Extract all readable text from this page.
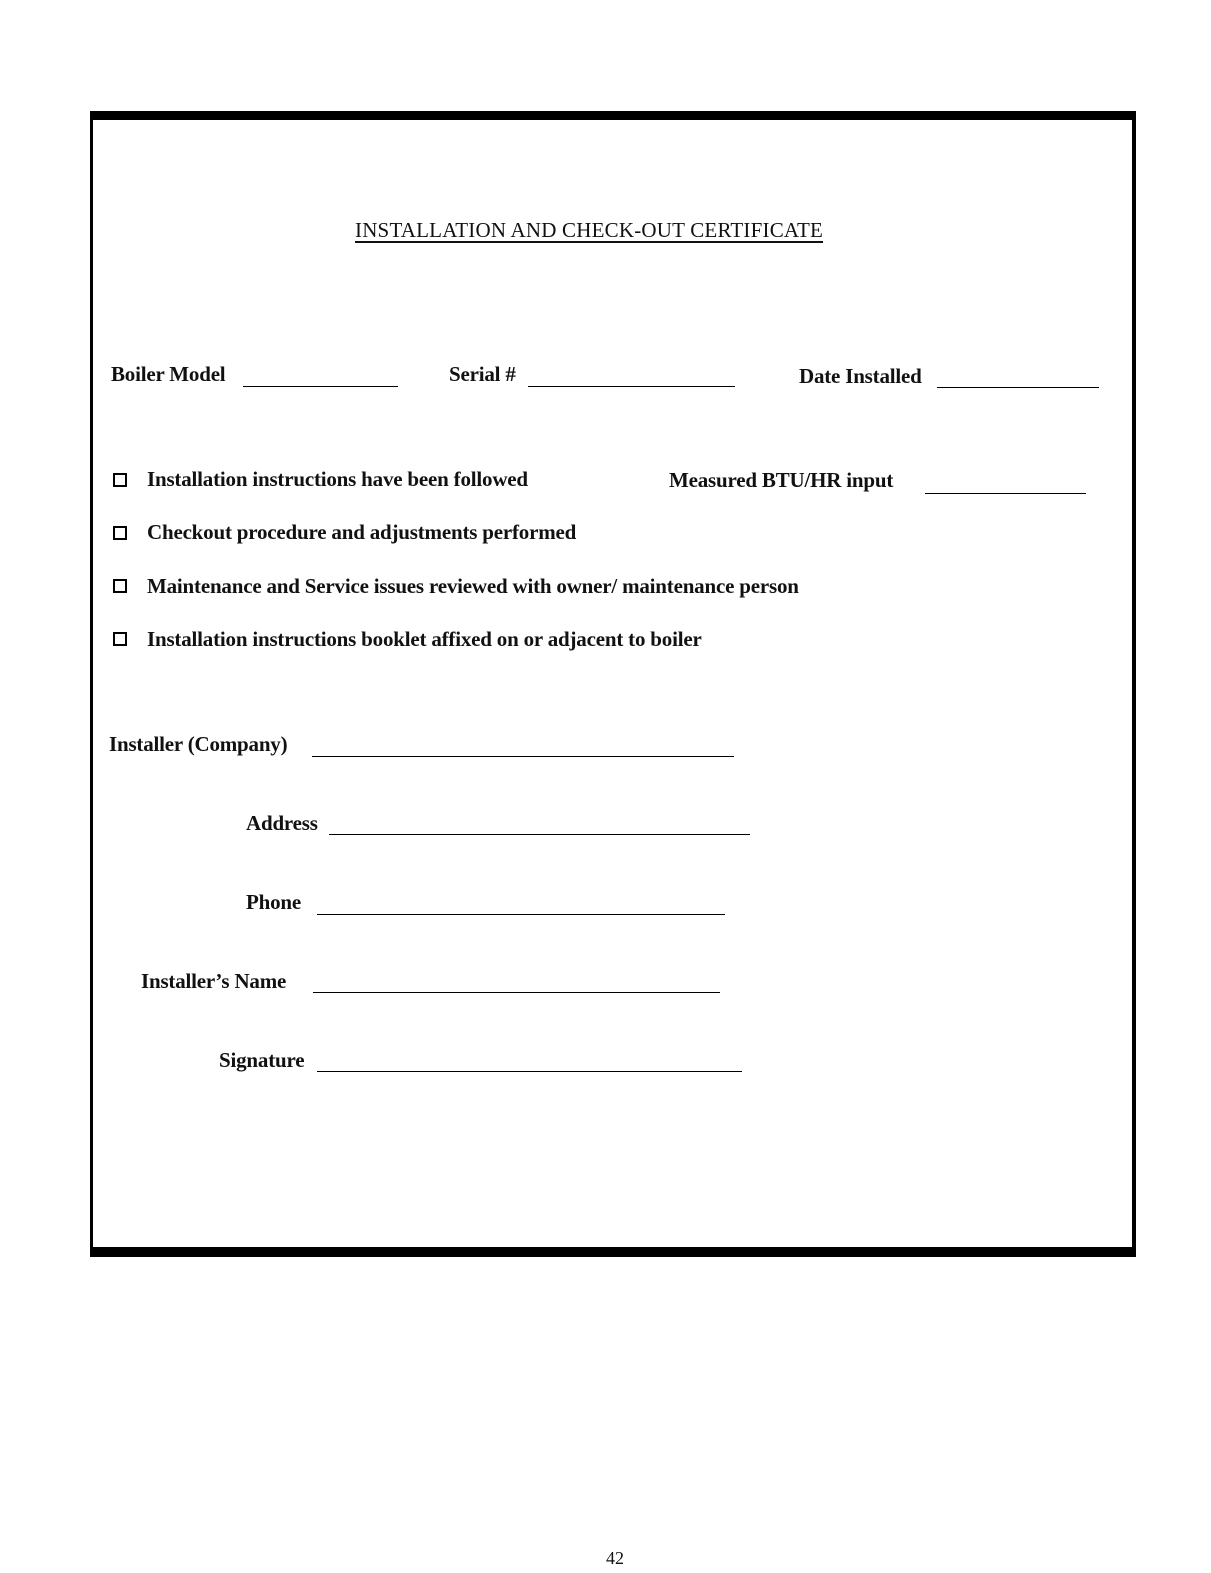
INSTALLATION AND CHECK-OUT CERTIFICATE
Boiler Model	Serial #	Date Installed
Installation instructions have been followed	Measured BTU/HR input
Checkout procedure and adjustments performed
Maintenance and Service issues reviewed with owner/ maintenance person
Installation instructions booklet affixed on or adjacent to boiler
Installer (Company)
Address
Phone
Installer’s Name
Signature
42
